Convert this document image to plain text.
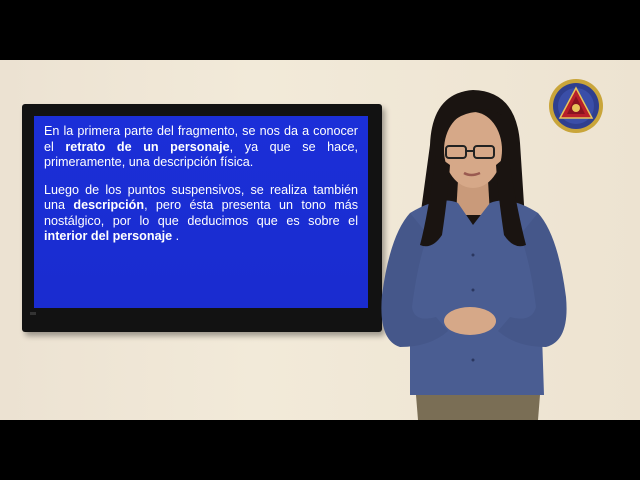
En la primera parte del fragmento, se nos da a conocer el retrato de un personaje, ya que se hace, primeramente, una descripción física.

Luego de los puntos suspensivos, se realiza también una descripción, pero ésta presenta un tono más nostálgico, por lo que deducimos que es sobre el interior del personaje .
